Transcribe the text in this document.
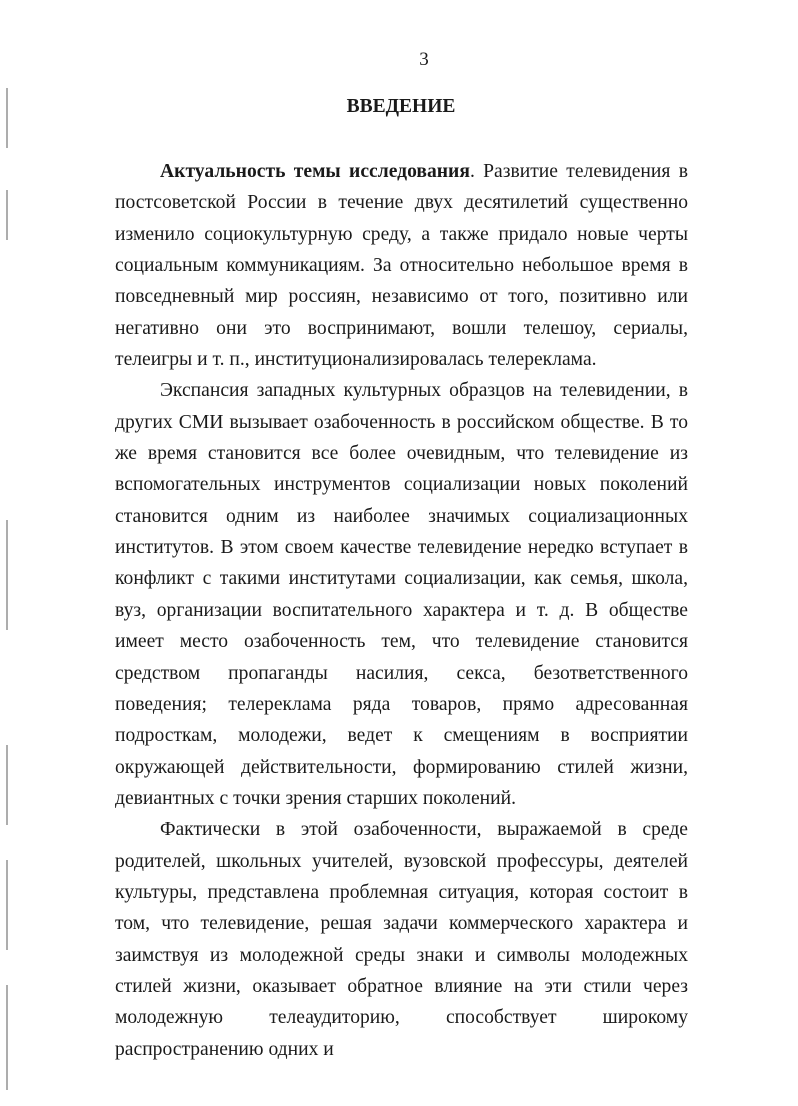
3
ВВЕДЕНИЕ

Актуальность темы исследования. Развитие телевидения в постсоветской России в течение двух десятилетий существенно изменило социокультурную среду, а также придало новые черты социальным коммуникациям. За относительно небольшое время в повседневный мир россиян, независимо от того, позитивно или негативно они это воспринимают, вошли телешоу, сериалы, телеигры и т. п., институционализировалась телереклама.

Экспансия западных культурных образцов на телевидении, в других СМИ вызывает озабоченность в российском обществе. В то же время становится все более очевидным, что телевидение из вспомогательных инструментов социализации новых поколений становится одним из наиболее значимых социализационных институтов. В этом своем качестве телевидение нередко вступает в конфликт с такими институтами социализации, как семья, школа, вуз, организации воспитательного характера и т. д. В обществе имеет место озабоченность тем, что телевидение становится средством пропаганды насилия, секса, безответственного поведения; телереклама ряда товаров, прямо адресованная подросткам, молодежи, ведет к смещениям в восприятии окружающей действительности, формированию стилей жизни, девиантных с точки зрения старших поколений.

Фактически в этой озабоченности, выражаемой в среде родителей, школьных учителей, вузовской профессуры, деятелей культуры, представлена проблемная ситуация, которая состоит в том, что телевидение, решая задачи коммерческого характера и заимствуя из молодежной среды знаки и символы молодежных стилей жизни, оказывает обратное влияние на эти стили через молодежную телеаудиторию, способствует широкому распространению одних и
